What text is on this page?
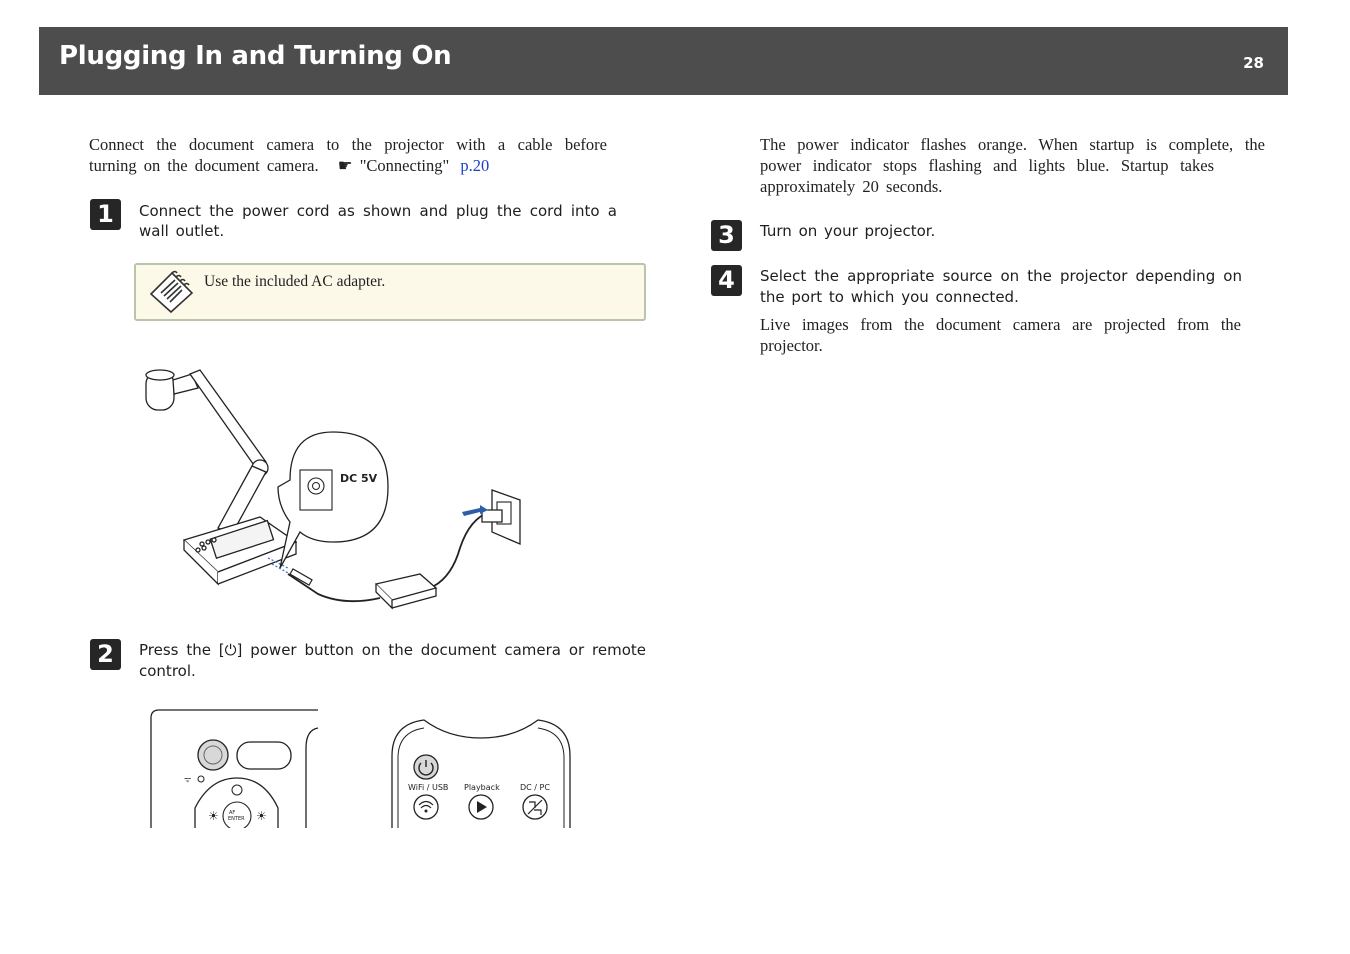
Plugging In and Turning On	28
Connect the document camera to the projector with a cable before
turning on the document camera. ☛ "Connecting" p.20
1	Connect the power cord as shown and plug the cord into a
wall outlet.
Use the included AC adapter.
DC 5V
2	Press the [⏻] power button on the document camera or remote
control.
ᯤ
☀	☀
AF
ENTER
WiFi / USB Playback	DC / PC
The power indicator flashes orange. When startup is complete, the
power indicator stops flashing and lights blue. Startup takes
approximately 20 seconds.
3	Turn on your projector.
4	Select the appropriate source on the projector depending on
the port to which you connected.
Live images from the document camera are projected from the
projector.
